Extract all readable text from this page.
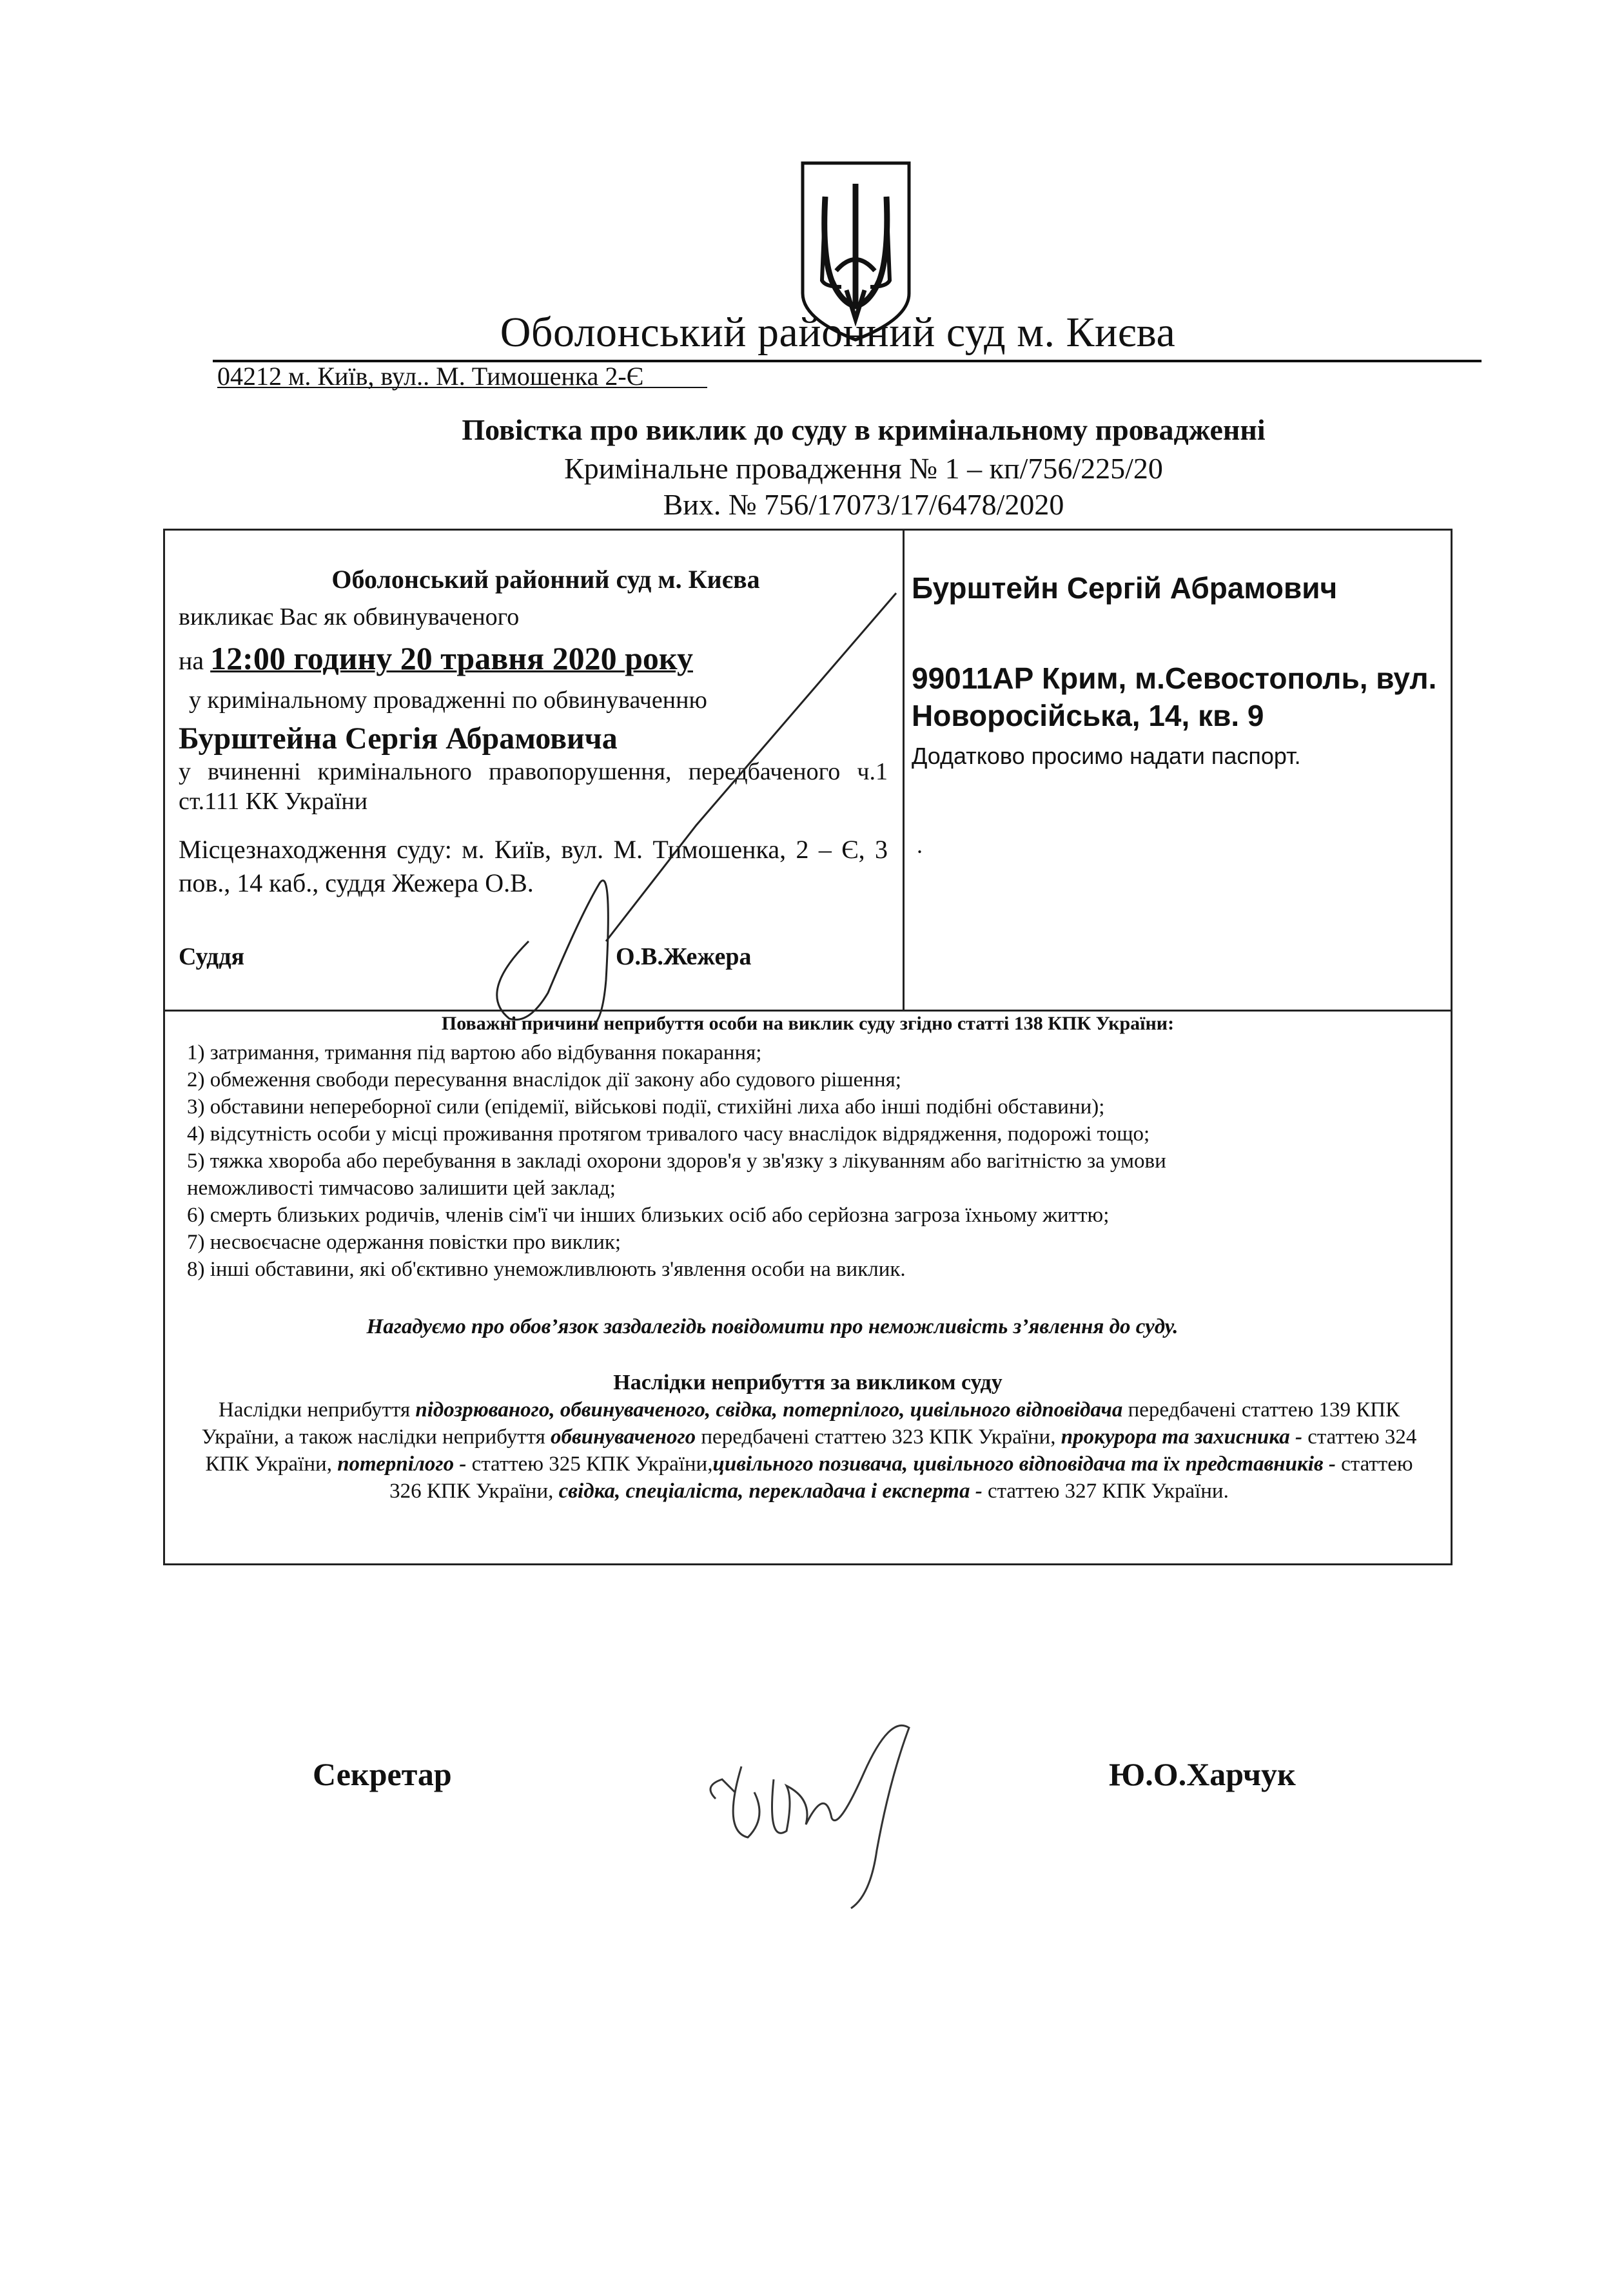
Оболонський районний суд м. Києва
04212 м. Київ, вул.. М. Тимошенка 2-Є
Повістка про виклик до суду в кримінальному провадженні
Кримінальне провадження № 1 – кп/756/225/20
Вих. № 756/17073/17/6478/2020
Оболонський районний суд м. Києва
викликає Вас як обвинуваченого
на 12:00 годину 20 травня 2020 року
у кримінальному провадженні по обвинуваченню
Бурштейна Сергія Абрамовича
у вчиненні кримінального правопорушення, передбаченого ч.1 ст.111 КК України
Місцезнаходження суду: м. Київ, вул. М. Тимошенка, 2 – Є, 3 пов., 14 каб., суддя Жежера О.В.
Суддя	О.В.Жежера
Бурштейн Сергій Абрамович
99011АР Крим, м.Севостополь, вул. Новоросійська, 14, кв. 9
Додатково просимо надати паспорт.
.
Поважні причини неприбуття особи на виклик суду згідно статті 138 КПК України:
1) затримання, тримання під вартою або відбування покарання;
2) обмеження свободи пересування внаслідок дії закону або судового рішення;
3) обставини непереборної сили (епідемії, військові події, стихійні лиха або інші подібні обставини);
4) відсутність особи у місці проживання протягом тривалого часу внаслідок відрядження, подорожі тощо;
5) тяжка хвороба або перебування в закладі охорони здоров'я у зв'язку з лікуванням або вагітністю за умови
неможливості тимчасово залишити цей заклад;
6) смерть близьких родичів, членів сім'ї чи інших близьких осіб або серйозна загроза їхньому життю;
7) несвоєчасне одержання повістки про виклик;
8) інші обставини, які об'єктивно унеможливлюють з'явлення особи на виклик.
Нагадуємо про обов’язок заздалегідь повідомити про неможливість з’явлення до суду.
Наслідки неприбуття за викликом суду
Наслідки неприбуття підозрюваного, обвинуваченого, свідка, потерпілого, цивільного відповідача передбачені статтею 139 КПК України, а також наслідки неприбуття обвинуваченого передбачені статтею 323 КПК України, прокурора та захисника - статтею 324 КПК України, потерпілого - статтею 325 КПК України,цивільного позивача, цивільного відповідача та їх представників - статтею 326 КПК України, свідка, спеціаліста, перекладача і експерта - статтею 327 КПК України.
Секретар	Ю.О.Харчук
